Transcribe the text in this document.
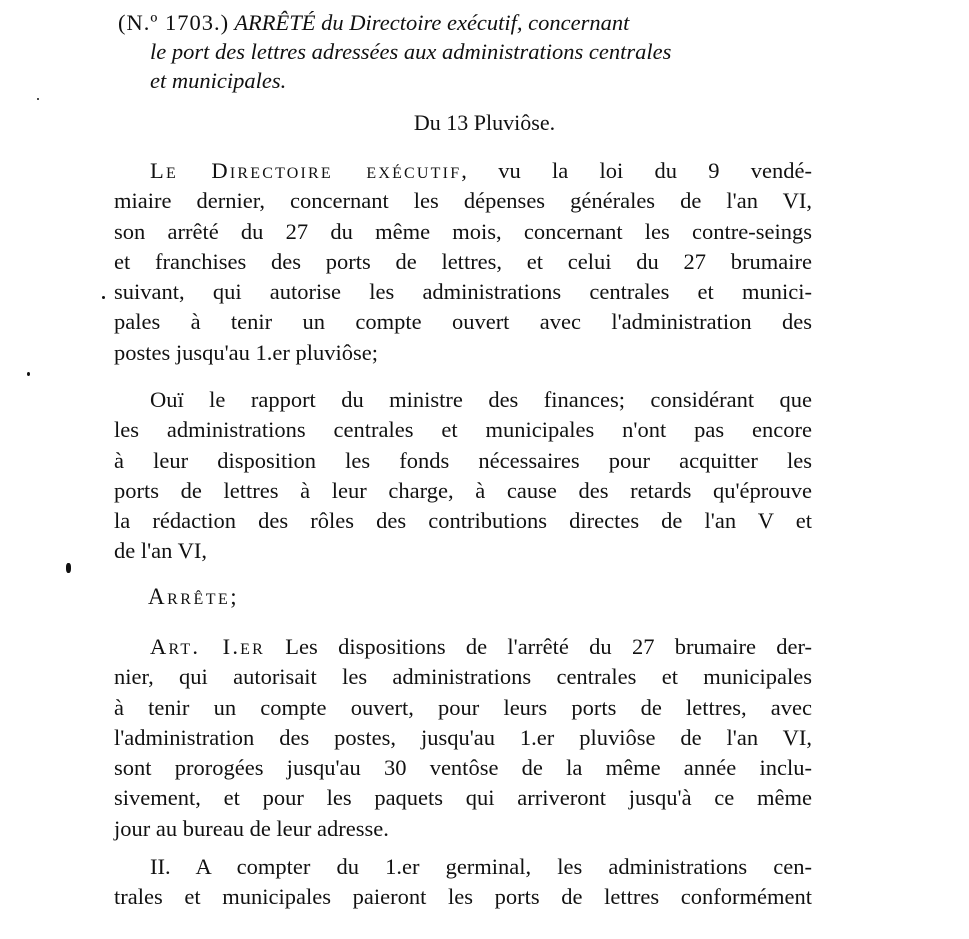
(N.º 1703.) ARRÊTÉ du Directoire exécutif, concernant
le port des lettres adressées aux administrations centrales
et municipales.
Du 13 Pluviôse.
Le Directoire exécutif, vu la loi du 9 vendé-
miaire dernier, concernant les dépenses générales de l'an VI,
son arrêté du 27 du même mois, concernant les contre-seings
et franchises des ports de lettres, et celui du 27 brumaire
suivant, qui autorise les administrations centrales et munici-
pales à tenir un compte ouvert avec l'administration des
postes jusqu'au 1.er pluviôse;
Ouï le rapport du ministre des finances; considérant que
les administrations centrales et municipales n'ont pas encore
à leur disposition les fonds nécessaires pour acquitter les
ports de lettres à leur charge, à cause des retards qu'éprouve
la rédaction des rôles des contributions directes de l'an V et
de l'an VI,

Arrête;

Art. I.er Les dispositions de l'arrêté du 27 brumaire der-
nier, qui autorisait les administrations centrales et municipales
à tenir un compte ouvert, pour leurs ports de lettres, avec
l'administration des postes, jusqu'au 1.er pluviôse de l'an VI,
sont prorogées jusqu'au 30 ventôse de la même année inclu-
sivement, et pour les paquets qui arriveront jusqu'à ce même
jour au bureau de leur adresse.
II. A compter du 1.er germinal, les administrations cen-
trales et municipales paieront les ports de lettres conformément
